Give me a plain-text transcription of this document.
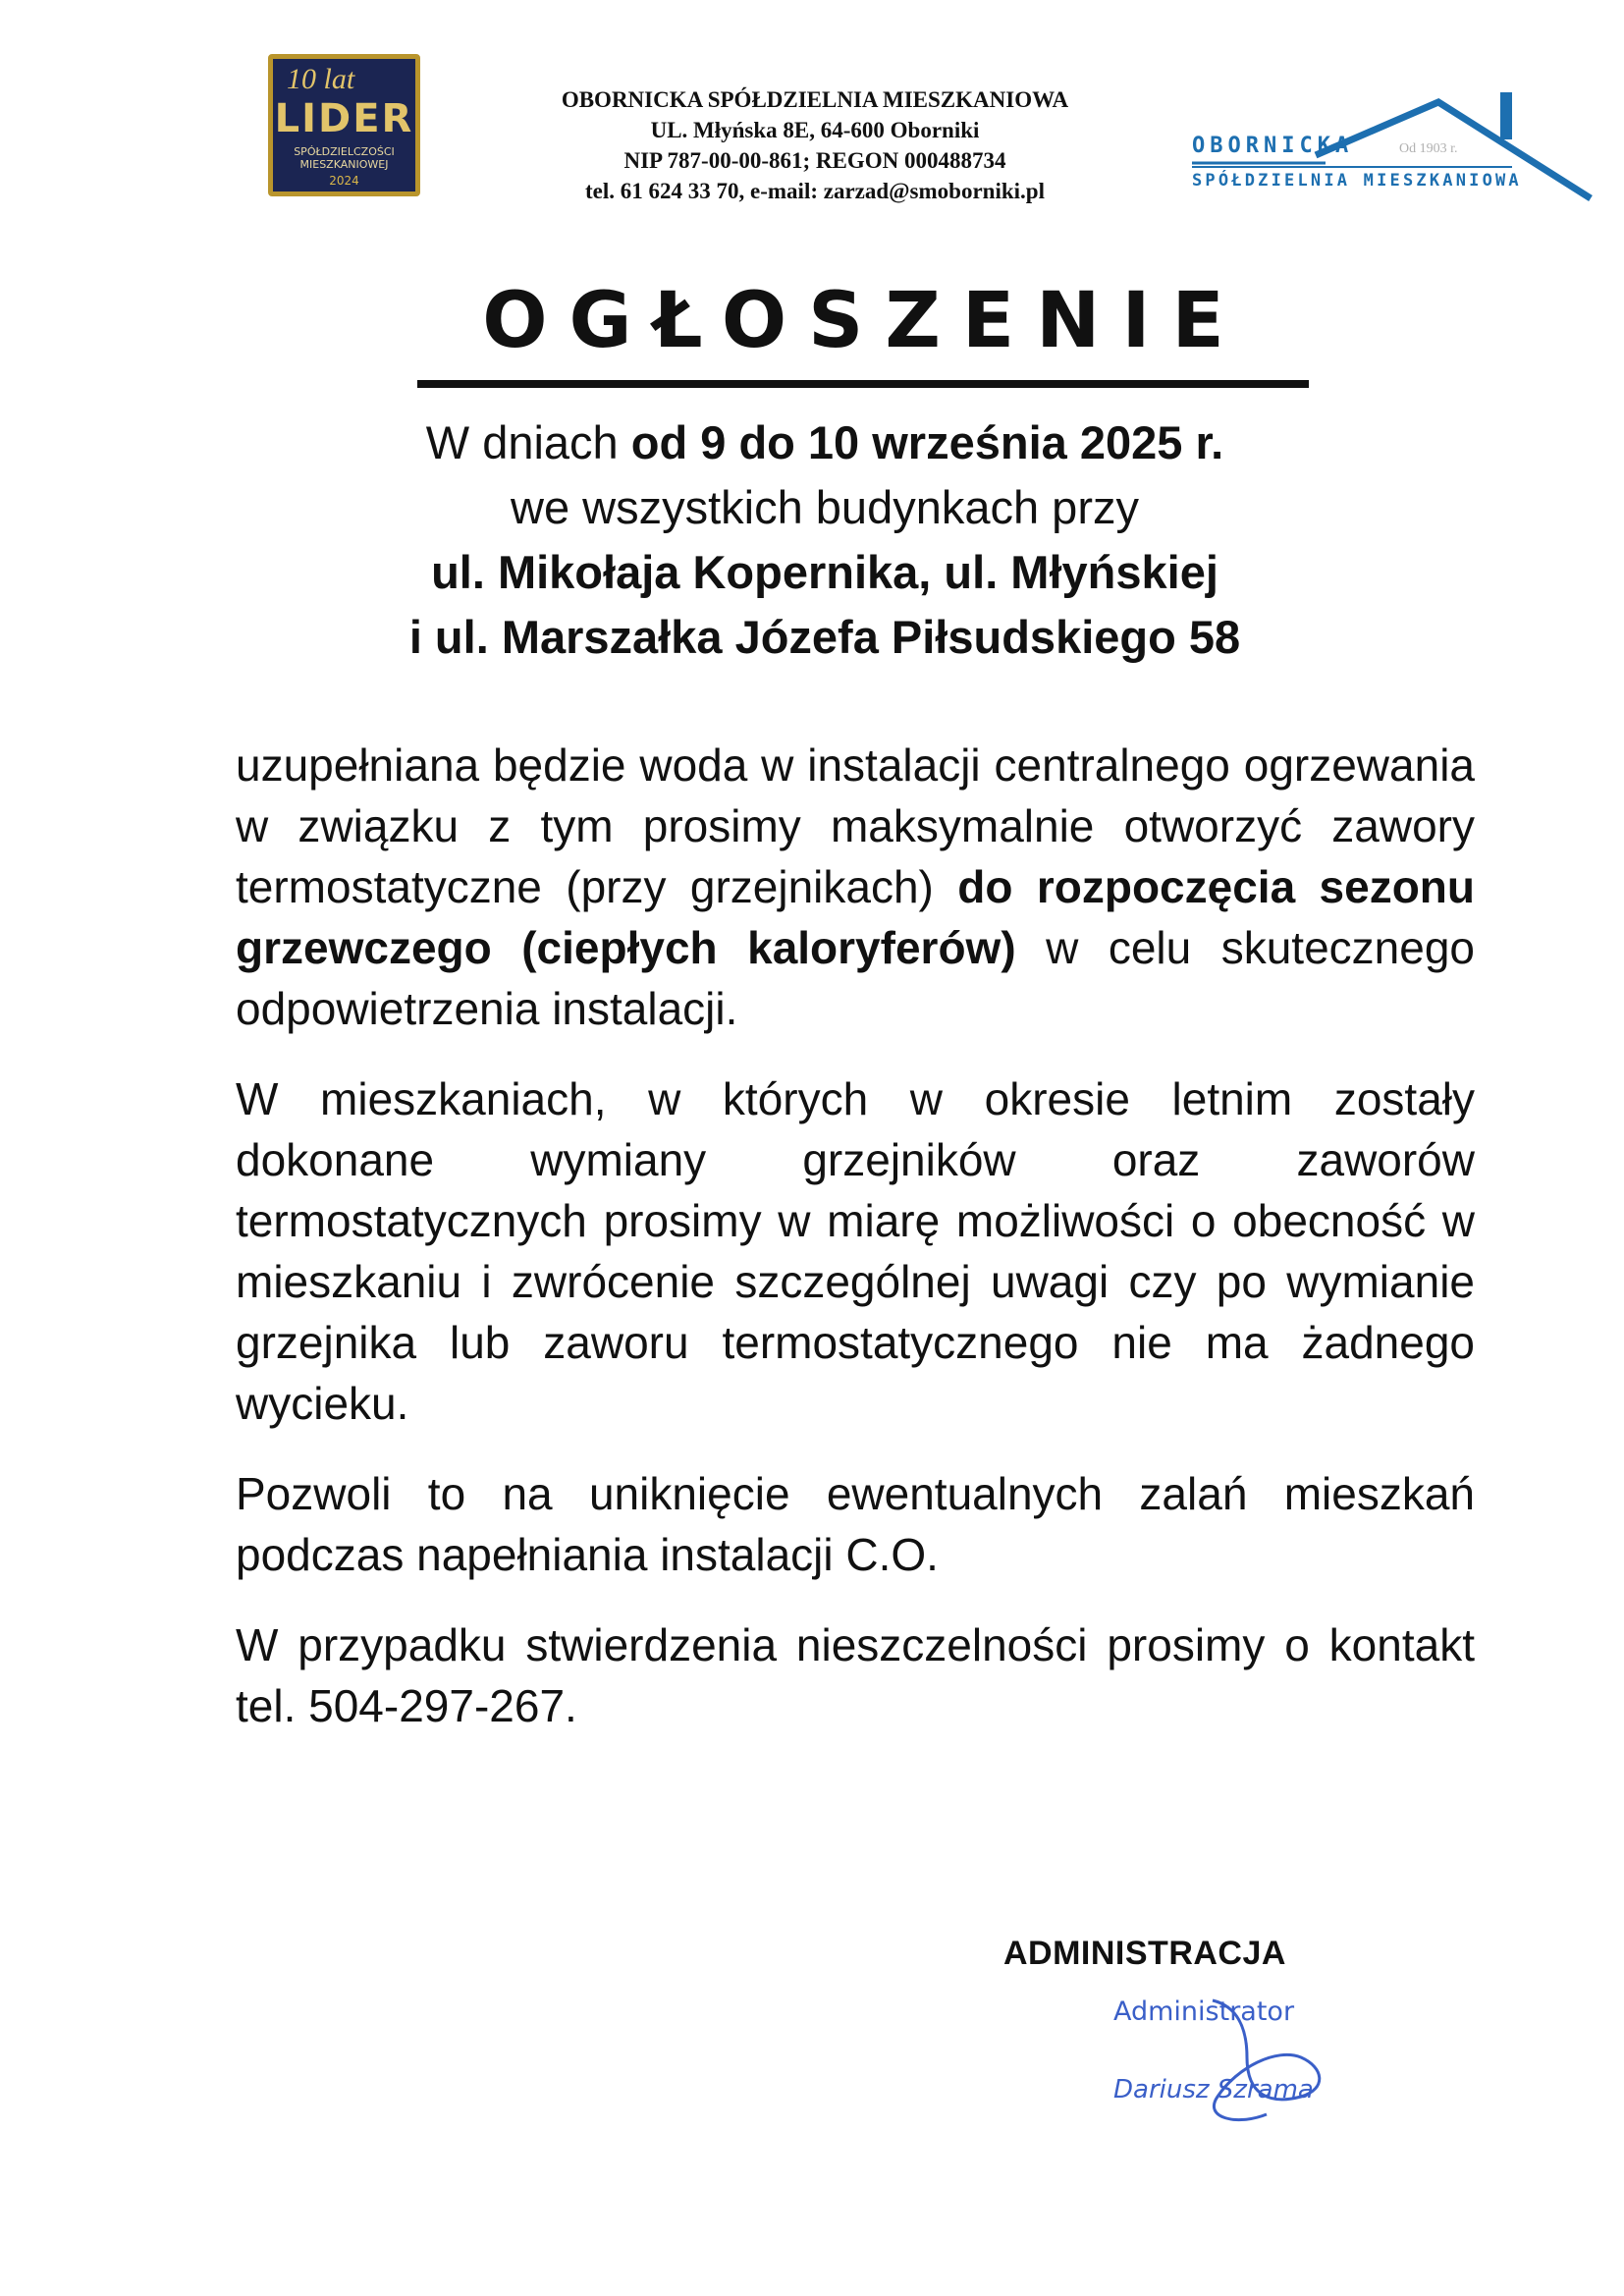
10 lat
LIDER
SPÓŁDZIELCZOŚCI
MIESZKANIOWEJ
2024
OBORNICKA SPÓŁDZIELNIA MIESZKANIOWA
UL. Młyńska 8E, 64-600 Oborniki
NIP 787-00-00-861; REGON 000488734
tel. 61 624 33 70, e-mail: zarzad@smoborniki.pl
OBORNICKA	Od 1903 r.
SPÓŁDZIELNIA MIESZKANIOWA
OGŁOSZENIE
W dniach od 9 do 10 września 2025 r.
we wszystkich budynkach przy
ul. Mikołaja Kopernika, ul. Młyńskiej
i ul. Marszałka Józefa Piłsudskiego 58

uzupełniana będzie woda w instalacji centralnego ogrzewania w związku z tym prosimy maksymalnie otworzyć zawory termostatyczne (przy grzejnikach) do rozpoczęcia sezonu grzewczego (ciepłych kaloryferów) w celu skutecznego odpowietrzenia instalacji.

W mieszkaniach, w których w okresie letnim zostały dokonane wymiany grzejników oraz zaworów termostatycznych prosimy w miarę możliwości o obecność w mieszkaniu i zwrócenie szczególnej uwagi czy po wymianie grzejnika lub zaworu termostatycznego nie ma żadnego wycieku.

Pozwoli to na uniknięcie ewentualnych zalań mieszkań podczas napełniania instalacji C.O.

W przypadku stwierdzenia nieszczelności prosimy o kontakt tel. 504-297-267.

ADMINISTRACJA
Administrator
Dariusz Szrama
